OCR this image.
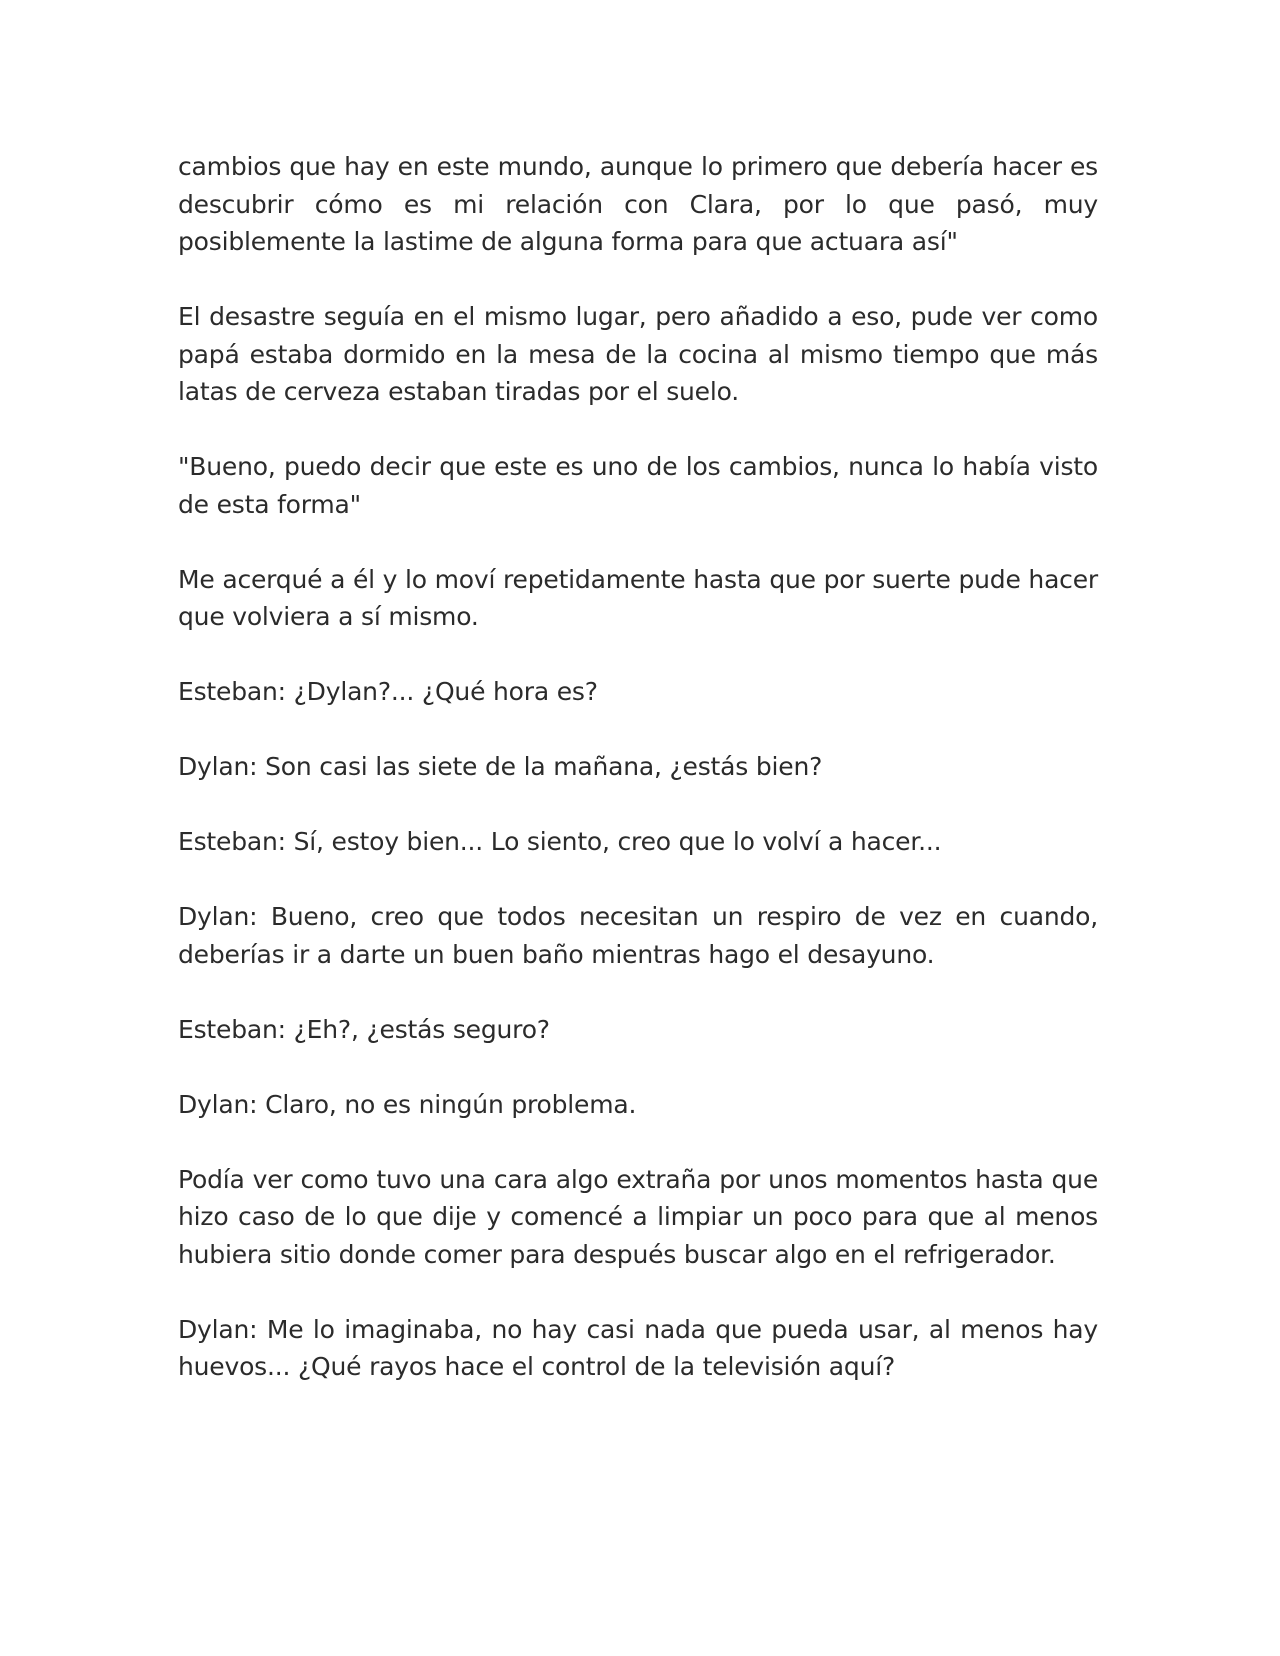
cambios que hay en este mundo, aunque lo primero que debería hacer es descubrir cómo es mi relación con Clara, por lo que pasó, muy posiblemente la lastime de alguna forma para que actuara así"

El desastre seguía en el mismo lugar, pero añadido a eso, pude ver como papá estaba dormido en la mesa de la cocina al mismo tiempo que más latas de cerveza estaban tiradas por el suelo.

"Bueno, puedo decir que este es uno de los cambios, nunca lo había visto de esta forma"

Me acerqué a él y lo moví repetidamente hasta que por suerte pude hacer que volviera a sí mismo.

Esteban: ¿Dylan?... ¿Qué hora es?

Dylan: Son casi las siete de la mañana, ¿estás bien?

Esteban: Sí, estoy bien... Lo siento, creo que lo volví a hacer...

Dylan: Bueno, creo que todos necesitan un respiro de vez en cuando, deberías ir a darte un buen baño mientras hago el desayuno.

Esteban: ¿Eh?, ¿estás seguro?

Dylan: Claro, no es ningún problema.

Podía ver como tuvo una cara algo extraña por unos momentos hasta que hizo caso de lo que dije y comencé a limpiar un poco para que al menos hubiera sitio donde comer para después buscar algo en el refrigerador.

Dylan: Me lo imaginaba, no hay casi nada que pueda usar, al menos hay huevos... ¿Qué rayos hace el control de la televisión aquí?
